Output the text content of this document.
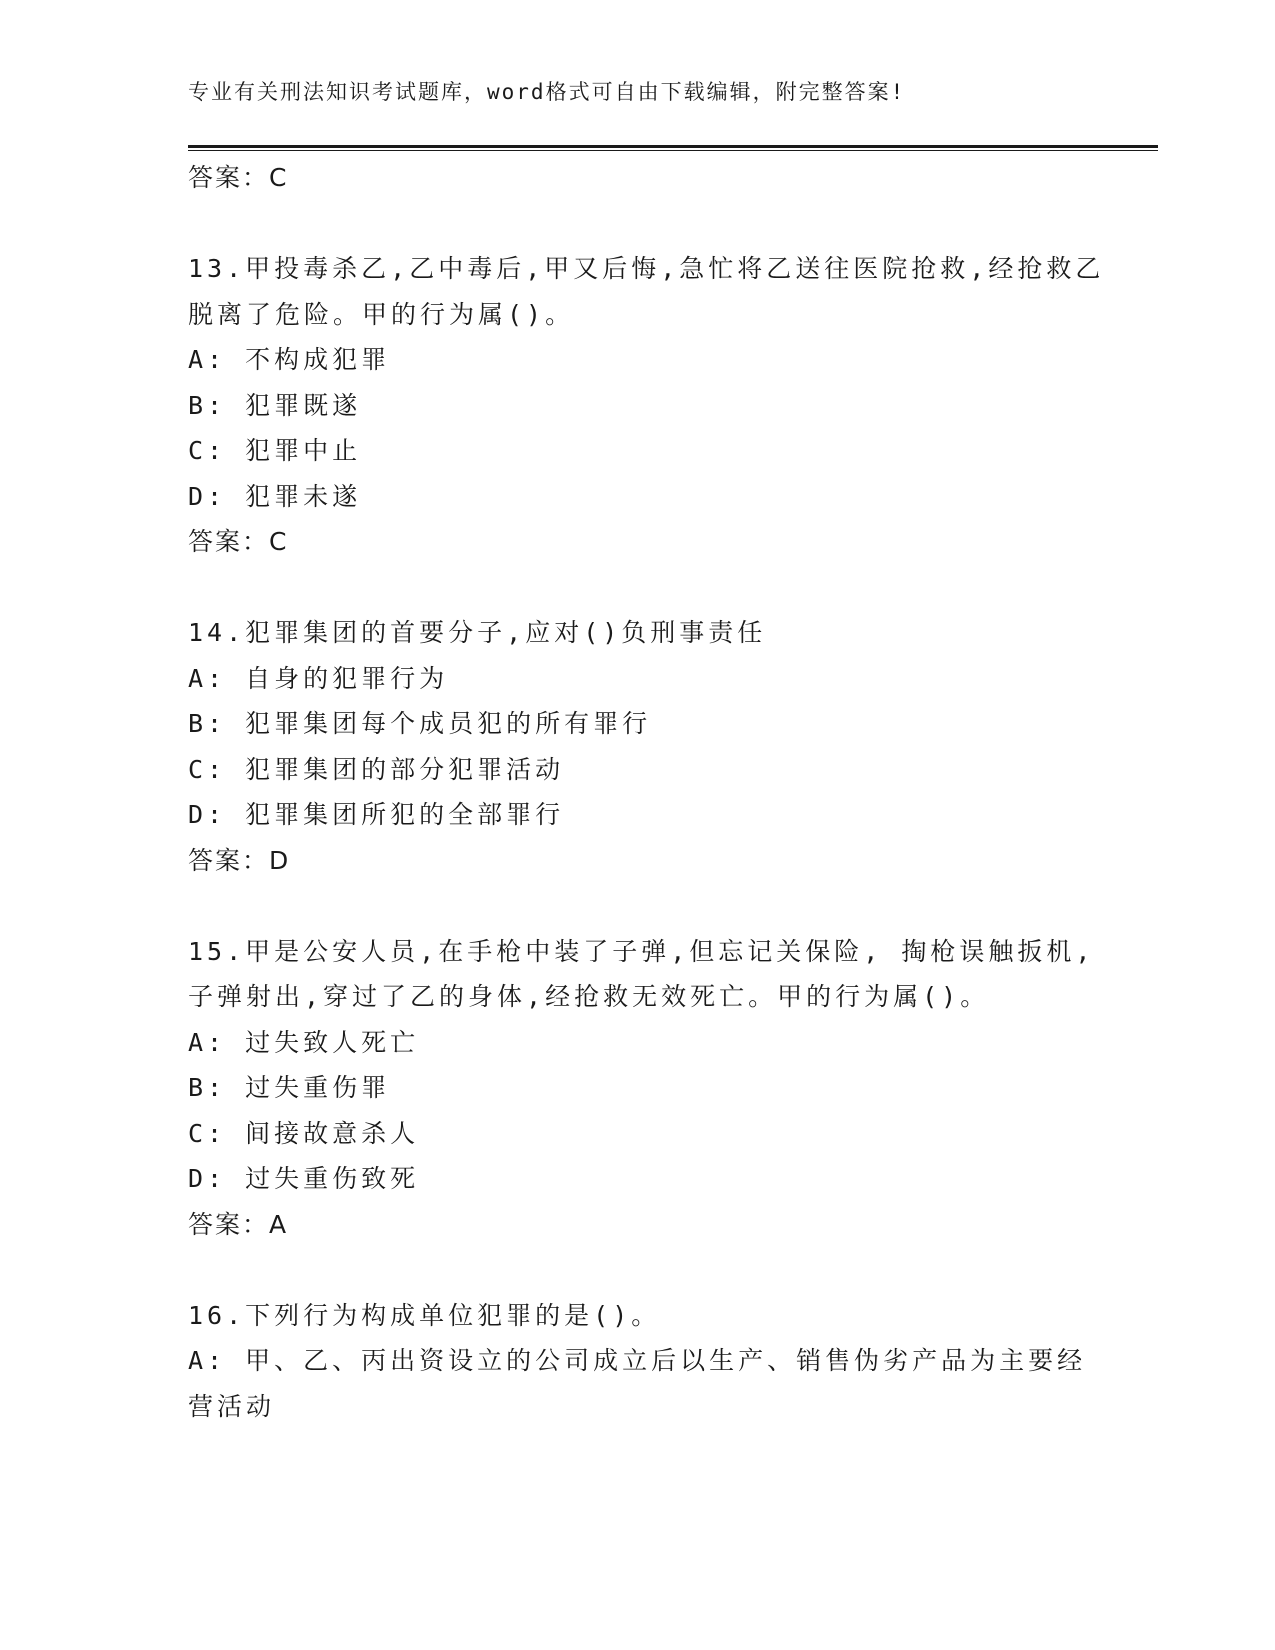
专业有关刑法知识考试题库，word格式可自由下载编辑，附完整答案!
答案：C
13.甲投毒杀乙,乙中毒后,甲又后悔,急忙将乙送往医院抢救,经抢救乙
脱离了危险。甲的行为属()。
A: 不构成犯罪
B: 犯罪既遂
C: 犯罪中止
D: 犯罪未遂
答案：C
14.犯罪集团的首要分子,应对()负刑事责任
A: 自身的犯罪行为
B: 犯罪集团每个成员犯的所有罪行
C: 犯罪集团的部分犯罪活动
D: 犯罪集团所犯的全部罪行
答案：D
15.甲是公安人员,在手枪中装了子弹,但忘记关保险, 掏枪误触扳机,
子弹射出,穿过了乙的身体,经抢救无效死亡。甲的行为属()。
A: 过失致人死亡
B: 过失重伤罪
C: 间接故意杀人
D: 过失重伤致死
答案：A
16.下列行为构成单位犯罪的是()。
A: 甲、乙、丙出资设立的公司成立后以生产、销售伪劣产品为主要经
营活动
